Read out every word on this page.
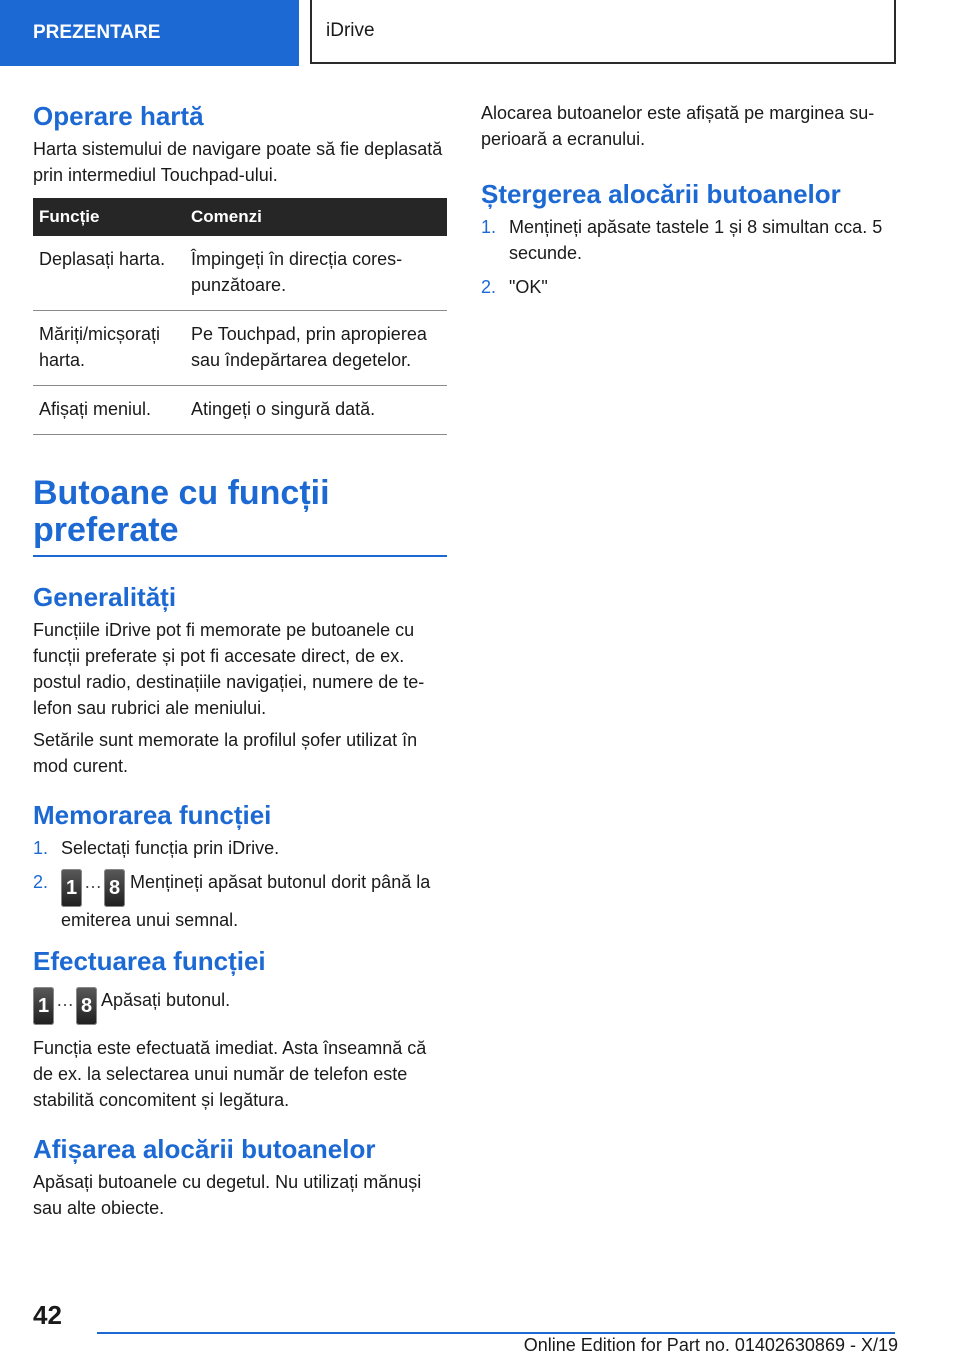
PREZENTARE	iDrive
Operare hartă

Harta sistemului de navigare poate să fie deplasată prin intermediul Touchpad-ului.

Funcție	Comenzi
Deplasați harta.	Împingeți în direcția corespunzătoare.
Măriți/micșorați harta.	Pe Touchpad, prin apropierea sau îndepărtarea degetelor.
Afișați meniul.	Atingeți o singură dată.
Butoane cu funcții preferate
Generalități

Funcțiile iDrive pot fi memorate pe butoanele cu funcții preferate și pot fi accesate direct, de ex. postul radio, destinațiile navigației, numere de telefon sau rubrici ale meniului.

Setările sunt memorate la profilul șofer utilizat în mod curent.

Memorarea funcției
1. Selectați funcția prin iDrive.
2. 1 … 8 Mențineți apăsat butonul dorit până la emiterea unui semnal.
Efectuarea funcției

1 … 8 Apăsați butonul.

Funcția este efectuată imediat. Asta înseamnă că de ex. la selectarea unui număr de telefon este stabilită concomitent și legătura.

Afișarea alocării butoanelor

Apăsați butoanele cu degetul. Nu utilizați mănuși sau alte obiecte.

Alocarea butoanelor este afișată pe marginea superioară a ecranului.

Ștergerea alocării butoanelor
1. Mențineți apăsate tastele 1 și 8 simultan cca. 5 secunde.
2. "OK"
42
Online Edition for Part no. 01402630869 - X/19
